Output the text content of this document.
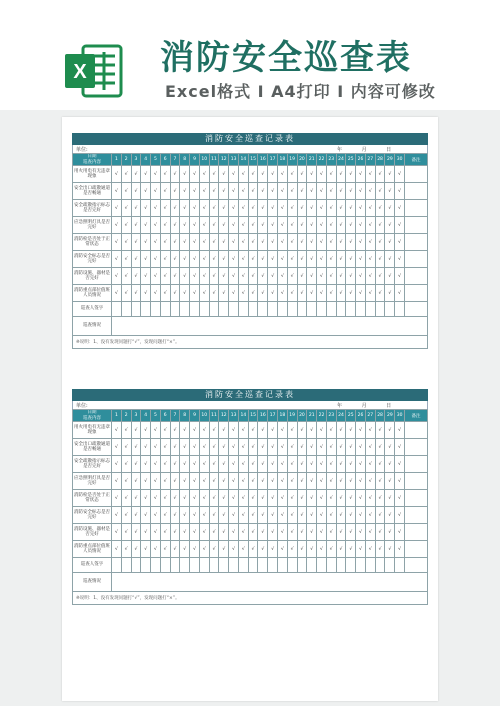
X 消防安全巡查表
Excel格式 I A4打印 I 内容可修改
消防安全巡查记录表
单位:	年 月 日
日期
巡查内容	1	2	3	4	5	6	7	8	9	10	11	12	13	14	15	16	17	18	19	20	21	22	23	24	25	26	27	28	29	30	备注
用火用电有无违章现象	√	√	√	√	√	√	√	√	√	√	√	√	√	√	√	√	√	√	√	√	√	√	√	√	√	√	√	√	√	√	
安全出口疏散通道是否畅通	√	√	√	√	√	√	√	√	√	√	√	√	√	√	√	√	√	√	√	√	√	√	√	√	√	√	√	√	√	√	
安全疏散指示标志是否完好	√	√	√	√	√	√	√	√	√	√	√	√	√	√	√	√	√	√	√	√	√	√	√	√	√	√	√	√	√	√	
应急照明灯具是否完好	√	√	√	√	√	√	√	√	√	√	√	√	√	√	√	√	√	√	√	√	√	√	√	√	√	√	√	√	√	√	
消防栓是否处于正常状态	√	√	√	√	√	√	√	√	√	√	√	√	√	√	√	√	√	√	√	√	√	√	√	√	√	√	√	√	√	√	
消防安全标志是否完好	√	√	√	√	√	√	√	√	√	√	√	√	√	√	√	√	√	√	√	√	√	√	√	√	√	√	√	√	√	√	
消防设施、器材是否完好	√	√	√	√	√	√	√	√	√	√	√	√	√	√	√	√	√	√	√	√	√	√	√	√	√	√	√	√	√	√	
消防重点部位值班人员情况	√	√	√	√	√	√	√	√	√	√	√	√	√	√	√	√	√	√	√	√	√	√	√	√	√	√	√	√	√	√	
巡查人签字																															
巡查情况																															
※说明：1、没有发现问题打“√”，发现问题打“×”。																															
消防安全巡查记录表
单位:	年 月 日
日期
巡查内容	1	2	3	4	5	6	7	8	9	10	11	12	13	14	15	16	17	18	19	20	21	22	23	24	25	26	27	28	29	30	备注
用火用电有无违章现象	√	√	√	√	√	√	√	√	√	√	√	√	√	√	√	√	√	√	√	√	√	√	√	√	√	√	√	√	√	√	
安全出口疏散通道是否畅通	√	√	√	√	√	√	√	√	√	√	√	√	√	√	√	√	√	√	√	√	√	√	√	√	√	√	√	√	√	√	
安全疏散指示标志是否完好	√	√	√	√	√	√	√	√	√	√	√	√	√	√	√	√	√	√	√	√	√	√	√	√	√	√	√	√	√	√	
应急照明灯具是否完好	√	√	√	√	√	√	√	√	√	√	√	√	√	√	√	√	√	√	√	√	√	√	√	√	√	√	√	√	√	√	
消防栓是否处于正常状态	√	√	√	√	√	√	√	√	√	√	√	√	√	√	√	√	√	√	√	√	√	√	√	√	√	√	√	√	√	√	
消防安全标志是否完好	√	√	√	√	√	√	√	√	√	√	√	√	√	√	√	√	√	√	√	√	√	√	√	√	√	√	√	√	√	√	
消防设施、器材是否完好	√	√	√	√	√	√	√	√	√	√	√	√	√	√	√	√	√	√	√	√	√	√	√	√	√	√	√	√	√	√	
消防重点部位值班人员情况	√	√	√	√	√	√	√	√	√	√	√	√	√	√	√	√	√	√	√	√	√	√	√	√	√	√	√	√	√	√	
巡查人签字																															
巡查情况																															
※说明：1、没有发现问题打“√”，发现问题打“×”。																															
